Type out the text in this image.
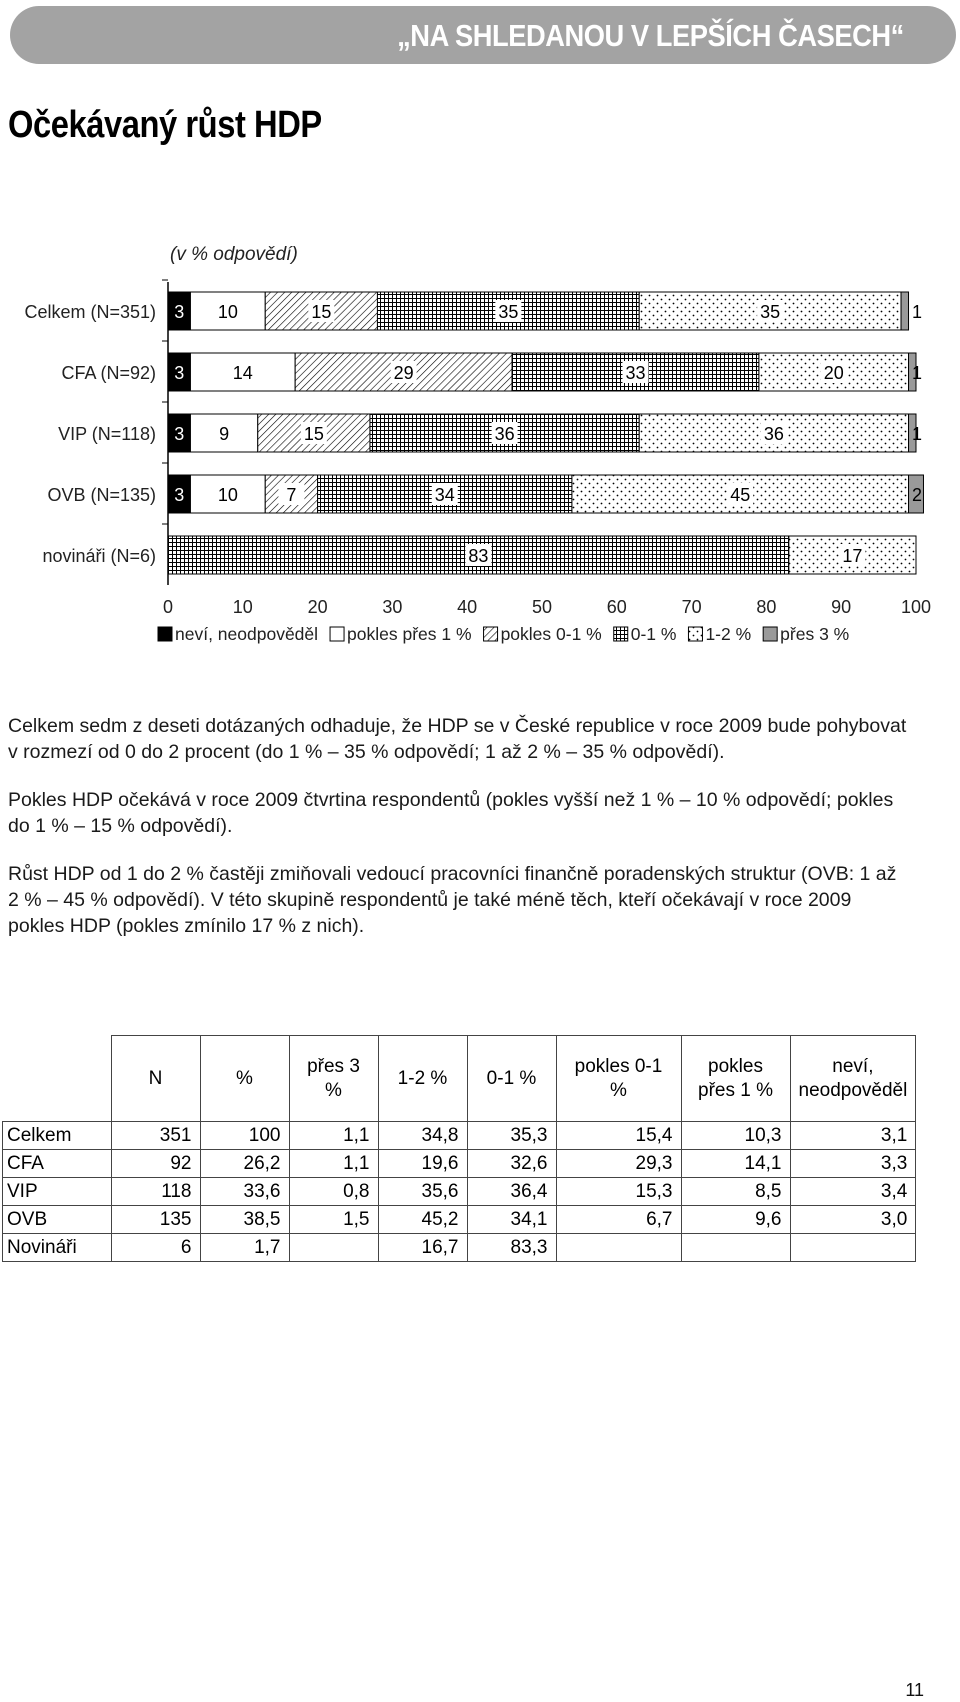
„NA SHLEDANOU V LEPŠÍCH ČASECH“
Očekávaný růst HDP
(v % odpovědí)
3 10	15	35	35	1
3	14	29	33	20	1
3 9	15	36	36	1
3 10	7	34	45	2
83	17
Celkem (N=351)
CFA (N=92)
VIP (N=118)
OVB (N=135)
novináři (N=6)
0	10	20	30	40	50	60	70	80	90	100
neví, neodpověděl pokles přes 1 % pokles 0-1 % 0-1 % 1-2 % přes 3 %

Celkem sedm z deseti dotázaných odhaduje, že HDP se v České republice v roce 2009 bude pohybovat v rozmezí od 0 do 2 procent (do 1 % – 35 % odpovědí; 1 až 2 % – 35 % odpovědí).

Pokles HDP očekává v roce 2009 čtvrtina respondentů (pokles vyšší než 1 % – 10 % odpovědí; pokles do 1 % – 15 % odpovědí).

Růst HDP od 1 do 2 % častěji zmiňovali vedoucí pracovníci finančně poradenských struktur (OVB: 1 až 2 % – 45 % odpovědí). V této skupině respondentů je také méně těch, kteří očekávají v roce 2009 pokles HDP (pokles zmínilo 17 % z nich).

	N	%	přes 3 %	1-2 %	0-1 %	pokles 0-1 %	pokles přes 1 %	neví, neodpověděl
Celkem	351	100	1,1	34,8	35,3	15,4	10,3	3,1
CFA	92	26,2	1,1	19,6	32,6	29,3	14,1	3,3
VIP	118	33,6	0,8	35,6	36,4	15,3	8,5	3,4
OVB	135	38,5	1,5	45,2	34,1	6,7	9,6	3,0
Novináři	6	1,7		16,7	83,3			
11
